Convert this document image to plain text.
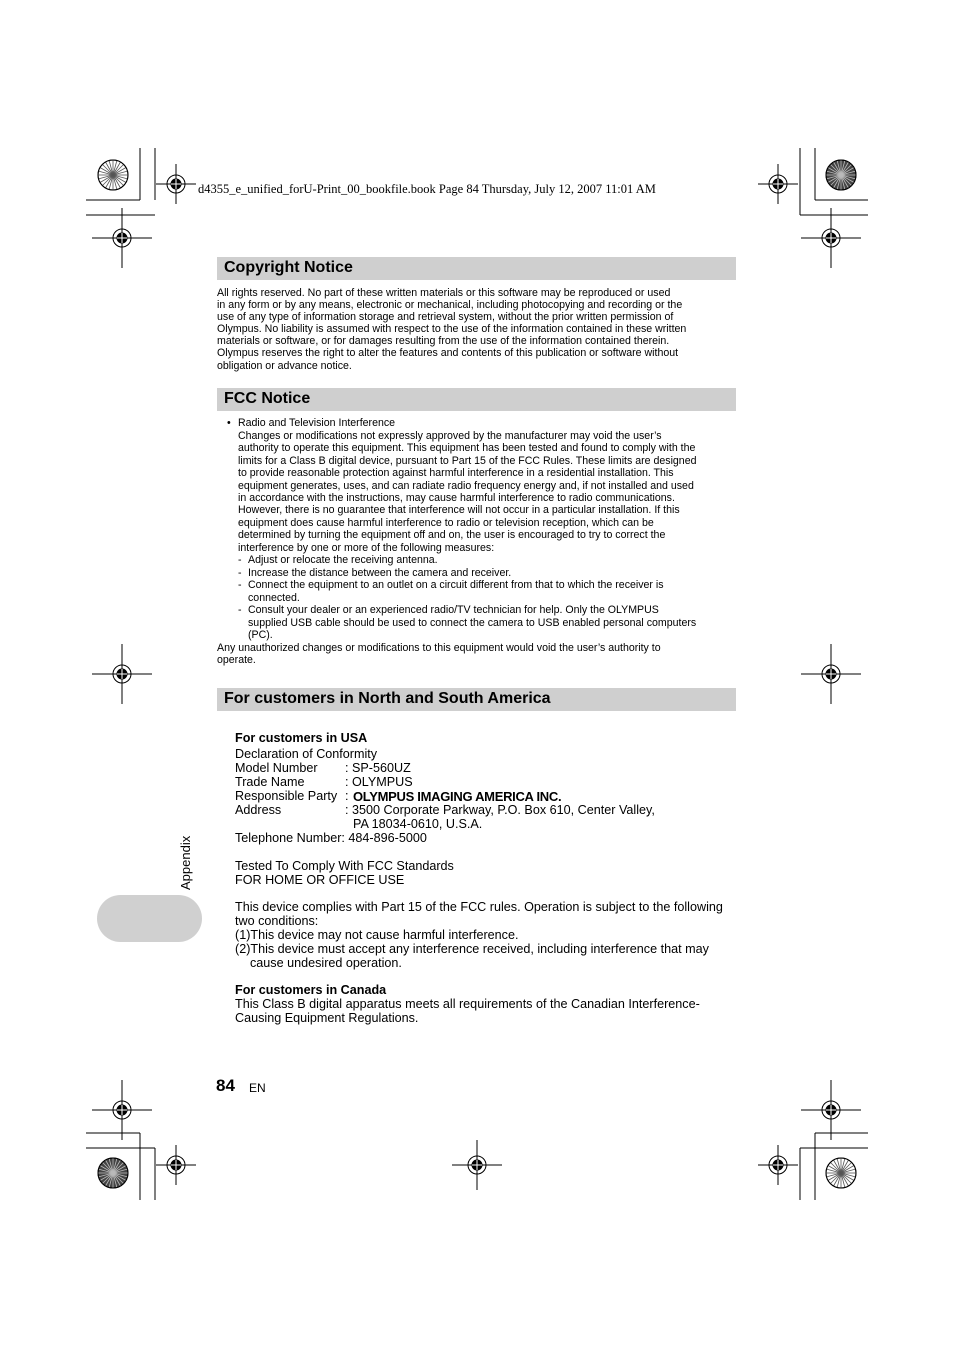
d4355_e_unified_forU-Print_00_bookfile.book Page 84 Thursday, July 12, 2007 11:01 AM
Copyright Notice
All rights reserved. No part of these written materials or this software may be reproduced or used
in any form or by any means, electronic or mechanical, including photocopying and recording or the
use of any type of information storage and retrieval system, without the prior written permission of
Olympus. No liability is assumed with respect to the use of the information contained in these written
materials or software, or for damages resulting from the use of the information contained therein.
Olympus reserves the right to alter the features and contents of this publication or software without
obligation or advance notice.
FCC Notice
• Radio and Television Interference
Changes or modifications not expressly approved by the manufacturer may void the user’s
authority to operate this equipment. This equipment has been tested and found to comply with the
limits for a Class B digital device, pursuant to Part 15 of the FCC Rules. These limits are designed
to provide reasonable protection against harmful interference in a residential installation. This
equipment generates, uses, and can radiate radio frequency energy and, if not installed and used
in accordance with the instructions, may cause harmful interference to radio communications.
However, there is no guarantee that interference will not occur in a particular installation. If this
equipment does cause harmful interference to radio or television reception, which can be
determined by turning the equipment off and on, the user is encouraged to try to correct the
interference by one or more of the following measures:
- Adjust or relocate the receiving antenna.
- Increase the distance between the camera and receiver.
- Connect the equipment to an outlet on a circuit different from that to which the receiver is
connected.
- Consult your dealer or an experienced radio/TV technician for help. Only the OLYMPUS
supplied USB cable should be used to connect the camera to USB enabled personal computers
(PC).
Any unauthorized changes or modifications to this equipment would void the user’s authority to
operate.
For customers in North and South America
For customers in USA
Declaration of Conformity
Model Number : SP-560UZ
Trade Name	: OLYMPUS
Responsible Party : OLYMPUS IMAGING AMERICA INC.
Address	: 3500 Corporate Parkway, P.O. Box 610, Center Valley,
PA 18034-0610, U.S.A.
Telephone Number: 484-896-5000
Tested To Comply With FCC Standards
FOR HOME OR OFFICE USE
This device complies with Part 15 of the FCC rules. Operation is subject to the following
two conditions:
(1)This device may not cause harmful interference.
(2)This device must accept any interference received, including interference that may
cause undesired operation.
For customers in Canada
This Class B digital apparatus meets all requirements of the Canadian Interference-
Causing Equipment Regulations.
Appendix
84 EN
